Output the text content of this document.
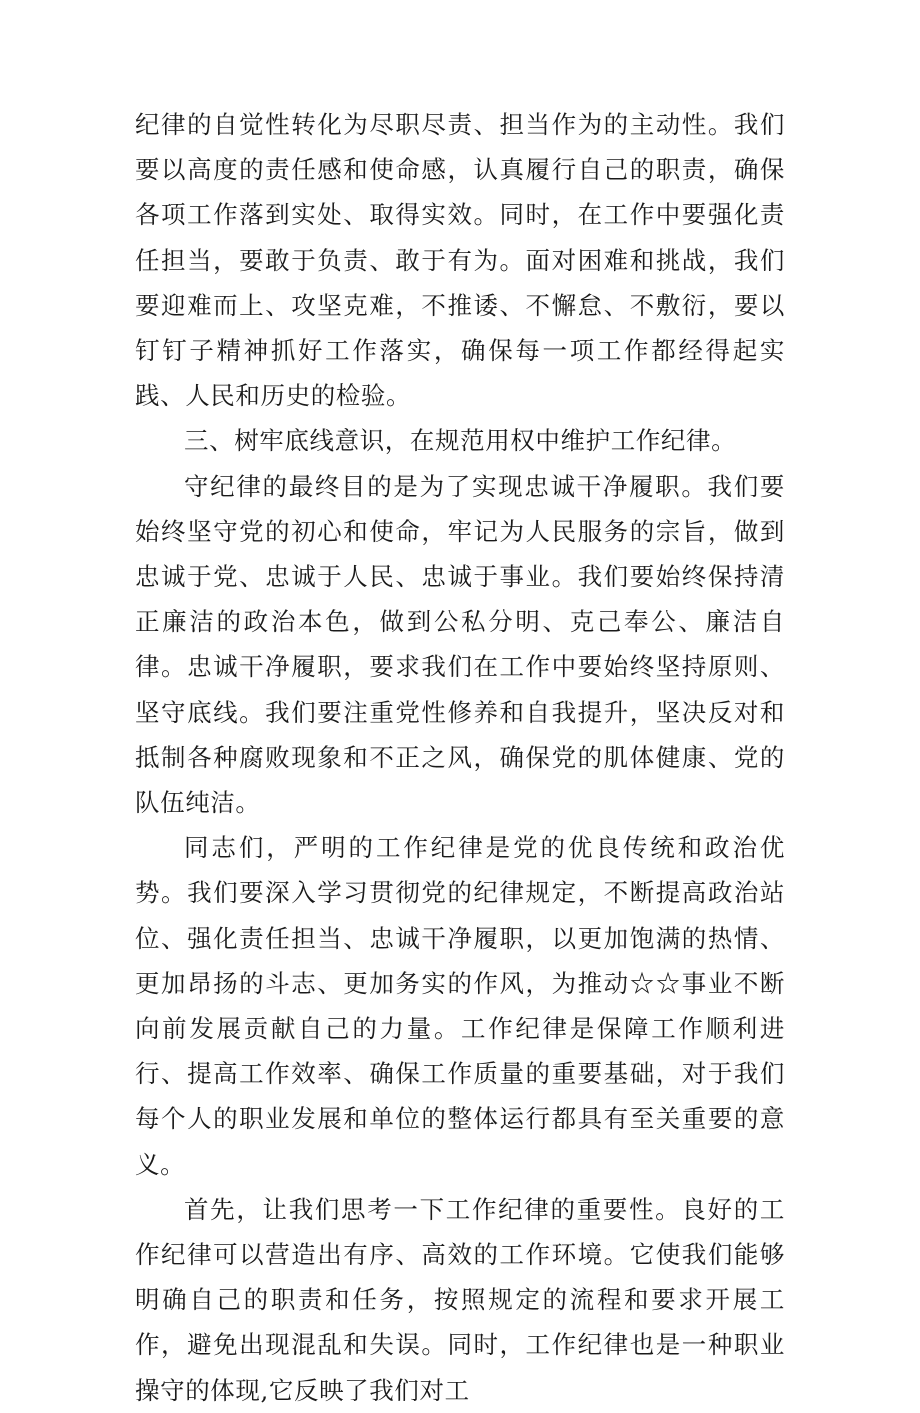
纪律的自觉性转化为尽职尽责、担当作为的主动性。我们要以高度的责任感和使命感，认真履行自己的职责，确保各项工作落到实处、取得实效。同时，在工作中要强化责任担当，要敢于负责、敢于有为。面对困难和挑战，我们要迎难而上、攻坚克难，不推诿、不懈怠、不敷衍，要以钉钉子精神抓好工作落实，确保每一项工作都经得起实践、人民和历史的检验。

三、树牢底线意识，在规范用权中维护工作纪律。

守纪律的最终目的是为了实现忠诚干净履职。我们要始终坚守党的初心和使命，牢记为人民服务的宗旨，做到忠诚于党、忠诚于人民、忠诚于事业。我们要始终保持清正廉洁的政治本色，做到公私分明、克己奉公、廉洁自律。忠诚干净履职，要求我们在工作中要始终坚持原则、坚守底线。我们要注重党性修养和自我提升，坚决反对和抵制各种腐败现象和不正之风，确保党的肌体健康、党的队伍纯洁。

同志们，严明的工作纪律是党的优良传统和政治优势。我们要深入学习贯彻党的纪律规定，不断提高政治站位、强化责任担当、忠诚干净履职，以更加饱满的热情、更加昂扬的斗志、更加务实的作风，为推动☆☆事业不断向前发展贡献自己的力量。工作纪律是保障工作顺利进行、提高工作效率、确保工作质量的重要基础，对于我们每个人的职业发展和单位的整体运行都具有至关重要的意义。

首先，让我们思考一下工作纪律的重要性。良好的工作纪律可以营造出有序、高效的工作环境。它使我们能够明确自己的职责和任务，按照规定的流程和要求开展工作，避免出现混乱和失误。同时，工作纪律也是一种职业操守的体现,它反映了我们对工
